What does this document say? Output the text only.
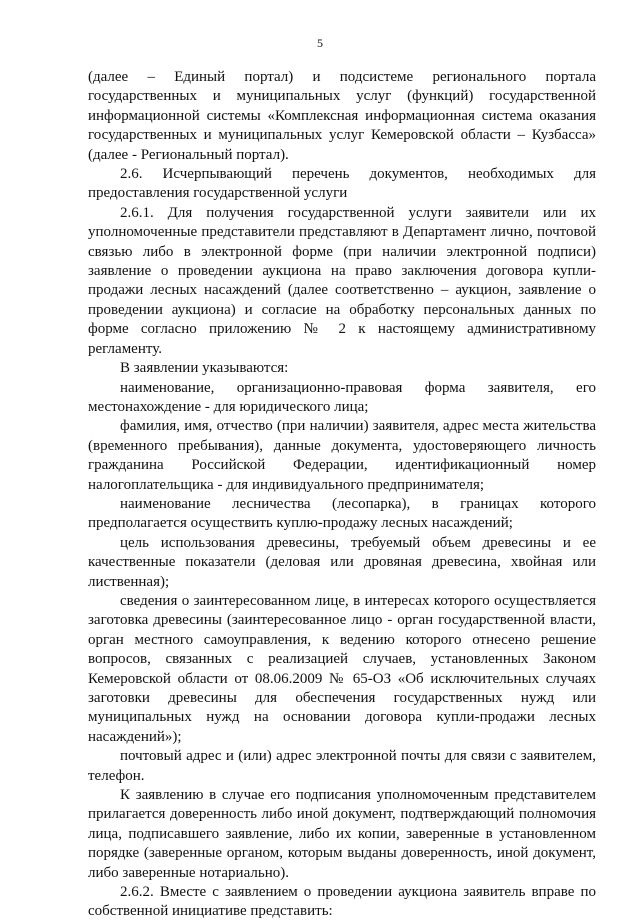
5

(далее – Единый портал) и подсистеме регионального портала государственных и муниципальных услуг (функций) государственной информационной системы «Комплексная информационная система оказания государственных и муниципальных услуг Кемеровской области – Кузбасса» (далее - Региональный портал).

2.6. Исчерпывающий перечень документов, необходимых для предоставления государственной услуги

2.6.1. Для получения государственной услуги заявители или их уполномоченные представители представляют в Департамент лично, почтовой связью либо в электронной форме (при наличии электронной подписи) заявление о проведении аукциона на право заключения договора купли-продажи лесных насаждений (далее соответственно – аукцион, заявление о проведении аукциона) и согласие на обработку персональных данных по форме согласно приложению № 2 к настоящему административному регламенту.

В заявлении указываются:

наименование, организационно-правовая форма заявителя, его местонахождение - для юридического лица;

фамилия, имя, отчество (при наличии) заявителя, адрес места жительства (временного пребывания), данные документа, удостоверяющего личность гражданина Российской Федерации, идентификационный номер налогоплательщика - для индивидуального предпринимателя;

наименование лесничества (лесопарка), в границах которого предполагается осуществить куплю-продажу лесных насаждений;

цель использования древесины, требуемый объем древесины и ее качественные показатели (деловая или дровяная древесина, хвойная или лиственная);

сведения о заинтересованном лице, в интересах которого осуществляется заготовка древесины (заинтересованное лицо - орган государственной власти, орган местного самоуправления, к ведению которого отнесено решение вопросов, связанных с реализацией случаев, установленных Законом Кемеровской области от 08.06.2009 № 65-ОЗ «Об исключительных случаях заготовки древесины для обеспечения государственных нужд или муниципальных нужд на основании договора купли-продажи лесных насаждений»);

почтовый адрес и (или) адрес электронной почты для связи с заявителем, телефон.

К заявлению в случае его подписания уполномоченным представителем прилагается доверенность либо иной документ, подтверждающий полномочия лица, подписавшего заявление, либо их копии, заверенные в установленном порядке (заверенные органом, которым выданы доверенность, иной документ, либо заверенные нотариально).

2.6.2. Вместе с заявлением о проведении аукциона заявитель вправе по собственной инициативе представить:
